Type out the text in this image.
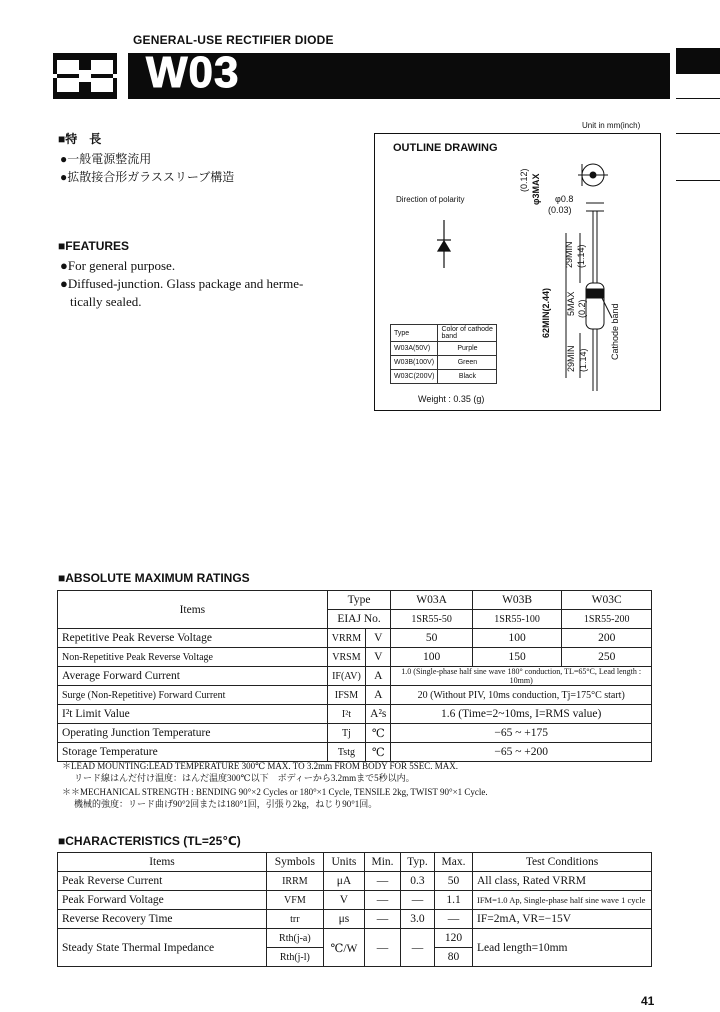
GENERAL-USE RECTIFIER DIODE
W03
■特　長
●一般電源整流用
●拡散接合形ガラススリーブ構造
■FEATURES
●For general purpose.
●Diffused-junction. Glass package and herme-
tically sealed.
Unit in mm(inch)
OUTLINE DRAWING
Direction of polarity
(0.12) φ3MAX φ0.8
(0.03)
29MIN (1.14)
62MIN(2.44) 5MAX (0.2)
29MIN (1.14)
Cathode band
Type	Color of cathode band
W03A(50V)	Purple
W03B(100V)	Green
W03C(200V)	Black
Weight : 0.35 (g)
■ABSOLUTE MAXIMUM RATINGS
Items	Type		W03A	W03B	W03C
	EIAJ No.		1SR55-50	1SR55-100	1SR55-200
Repetitive Peak Reverse Voltage	VRRM	V	50	100	200
Non-Repetitive Peak Reverse Voltage	VRSM	V	100	150	250
Average Forward Current	IF(AV)	A	1.0 (Single-phase half sine wave 180° conduction, TL=65°C, Lead length : 10mm)		
Surge (Non-Repetitive) Forward Current	IFSM	A	20 (Without PIV, 10ms conduction, Tj=175°C start)		
I²t Limit Value	I²t	A²s	1.6 (Time=2~10ms, I=RMS value)		
Operating Junction Temperature	Tj	℃	−65 ~ +175		
Storage Temperature	Tstg	℃	−65 ~ +200		
＊LEAD MOUNTING:LEAD TEMPERATURE 300℃ MAX. TO 3.2mm FROM BODY FOR 5SEC. MAX.
リード線はんだ付け温度：はんだ温度300℃以下　ボディーから3.2mmまで5秒以内。
＊＊MECHANICAL STRENGTH : BENDING 90°×2 Cycles or 180°×1 Cycle, TENSILE 2kg, TWIST 90°×1 Cycle.
機械的強度：リード曲げ90°2回または180°1回，引張り2kg，ねじり90°1回。
■CHARACTERISTICS (TL=25℃)
Items	Symbols	Units	Min.	Typ.	Max.	Test Conditions
Peak Reverse Current	IRRM	μA	—	0.3	50	All class, Rated VRRM
Peak Forward Voltage	VFM	V	—	—	1.1	IFM=1.0 Ap, Single-phase half sine wave 1 cycle
Reverse Recovery Time	trr	μs	—	3.0	—	IF=2mA, VR=−15V
Steady State Thermal Impedance	Rth(j-a)	℃/W	—	—	120	Lead length=10mm
	Rth(j-l)				80	
41
